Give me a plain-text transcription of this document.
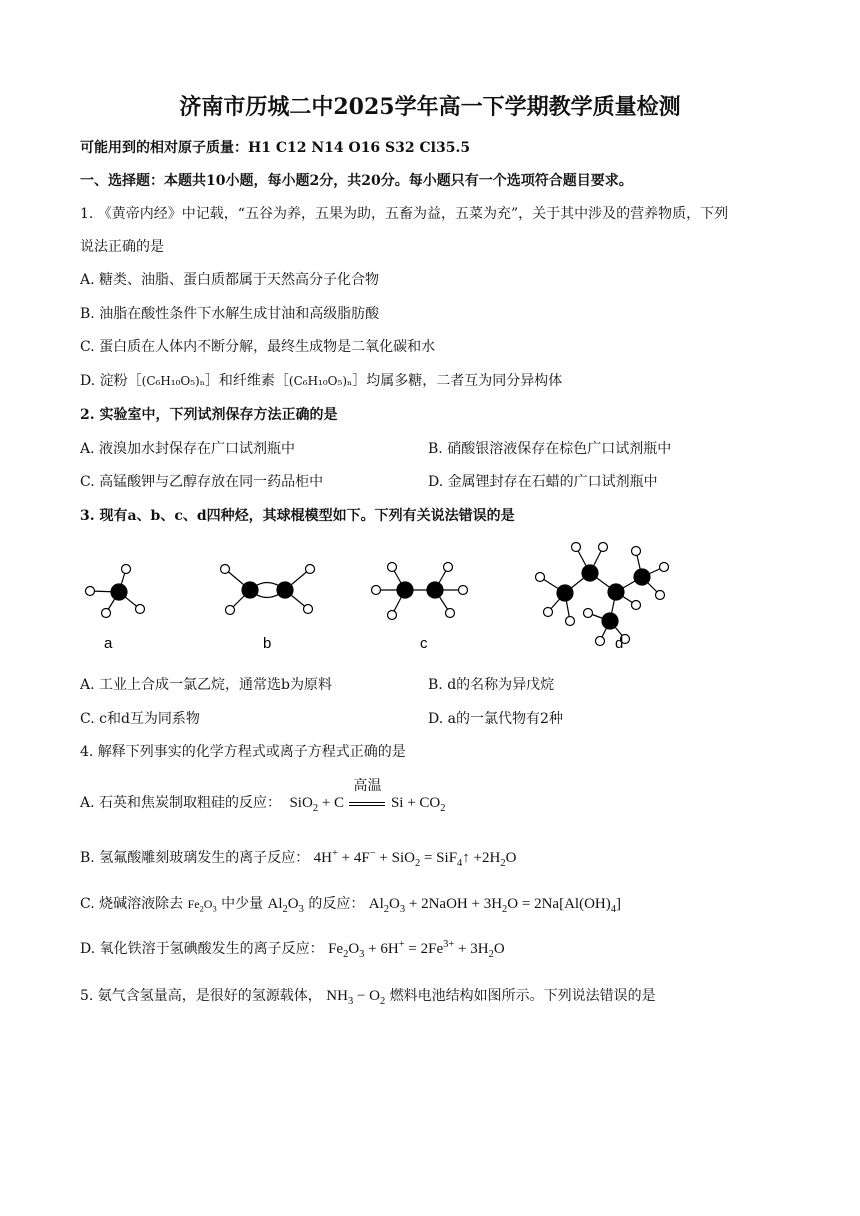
济南市历城二中2025学年高一下学期教学质量检测
可能用到的相对原子质量：H1 C12 N14 O16 S32 Cl35.5
一、选择题：本题共10小题，每小题2分，共20分。每小题只有一个选项符合题目要求。
1. 《黄帝内经》中记载，“五谷为养，五果为助，五畜为益，五菜为充”，关于其中涉及的营养物质，下列
说法正确的是
A. 糖类、油脂、蛋白质都属于天然高分子化合物
B. 油脂在酸性条件下水解生成甘油和高级脂肪酸
C. 蛋白质在人体内不断分解，最终生成物是二氧化碳和水
D. 淀粉［(C₆H₁₀O₅)ₙ］和纤维素［(C₆H₁₀O₅)ₙ］均属多糖，二者互为同分异构体
2. 实验室中，下列试剂保存方法正确的是
A. 液溴加水封保存在广口试剂瓶中	B. 硝酸银溶液保存在棕色广口试剂瓶中
C. 高锰酸钾与乙醇存放在同一药品柜中	D. 金属锂封存在石蜡的广口试剂瓶中
3. 现有a、b、c、d四种烃，其球棍模型如下。下列有关说法错误的是
a	b	c	d
A. 工业上合成一氯乙烷，通常选b为原料	B. d的名称为异戊烷
C. c和d互为同系物	D. a的一氯代物有2种
4. 解释下列事实的化学方程式或离子方程式正确的是
A. 石英和焦炭制取粗硅的反应： SiO$_2$ + C
高温
$Si + CO_2$
B. 氢氟酸雕刻玻璃发生的离子反应： 4H+ + 4F− + SiO$_2$ = SiF$_4$↑ $+2H_2O$
C. 烧碱溶液除去 $Fe_2O_3$ 中少量 $Al_2O_3$ 的反应： $Al_2O_3$ + 2NaOH + $3H_2O = 2Na[Al(OH)_4]$
D. 氧化铁溶于氢碘酸发生的离子反应： $Fe_2O_3 + 6H^+ = 2Fe^{3+} + 3H_2O$
5. 氨气含氢量高，是很好的氢源载体， $NH_3 - O_2$ 燃料电池结构如图所示。下列说法错误的是
